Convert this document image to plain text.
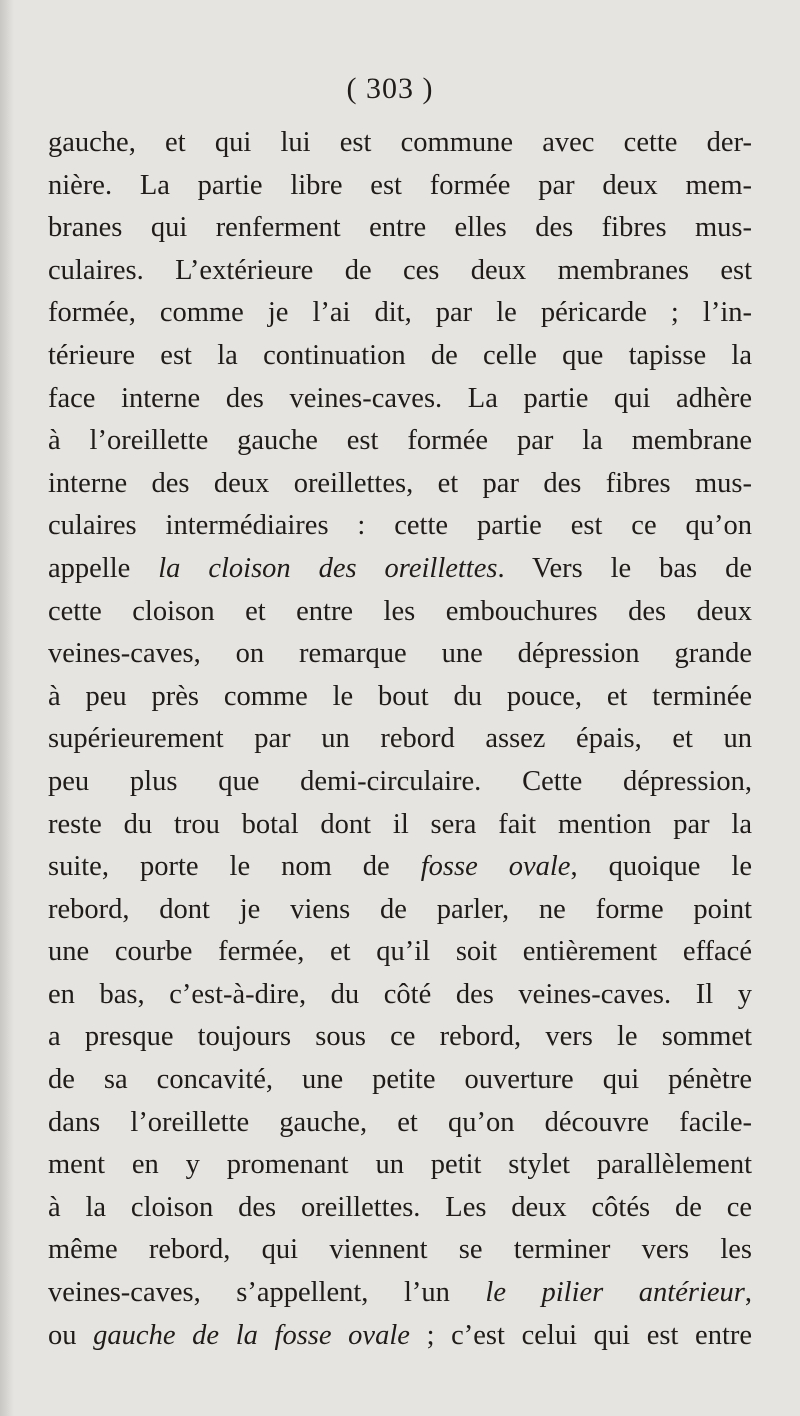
( 303 )
gauche, et qui lui est commune avec cette der-
nière. La partie libre est formée par deux mem-
branes qui renferment entre elles des fibres mus-
culaires. L’extérieure de ces deux membranes est
formée, comme je l’ai dit, par le péricarde ; l’in-
térieure est la continuation de celle que tapisse la
face interne des veines-caves. La partie qui adhère
à l’oreillette gauche est formée par la membrane
interne des deux oreillettes, et par des fibres mus-
culaires intermédiaires : cette partie est ce qu’on
appelle la cloison des oreillettes. Vers le bas de
cette cloison et entre les embouchures des deux
veines-caves, on remarque une dépression grande
à peu près comme le bout du pouce, et terminée
supérieurement par un rebord assez épais, et un
peu plus que demi-circulaire. Cette dépression,
reste du trou botal dont il sera fait mention par la
suite, porte le nom de fosse ovale, quoique le
rebord, dont je viens de parler, ne forme point
une courbe fermée, et qu’il soit entièrement effacé
en bas, c’est-à-dire, du côté des veines-caves. Il y
a presque toujours sous ce rebord, vers le sommet
de sa concavité, une petite ouverture qui pénètre
dans l’oreillette gauche, et qu’on découvre facile-
ment en y promenant un petit stylet parallèlement
à la cloison des oreillettes. Les deux côtés de ce
même rebord, qui viennent se terminer vers les
veines-caves, s’appellent, l’un le pilier antérieur,
ou gauche de la fosse ovale ; c’est celui qui est entre
